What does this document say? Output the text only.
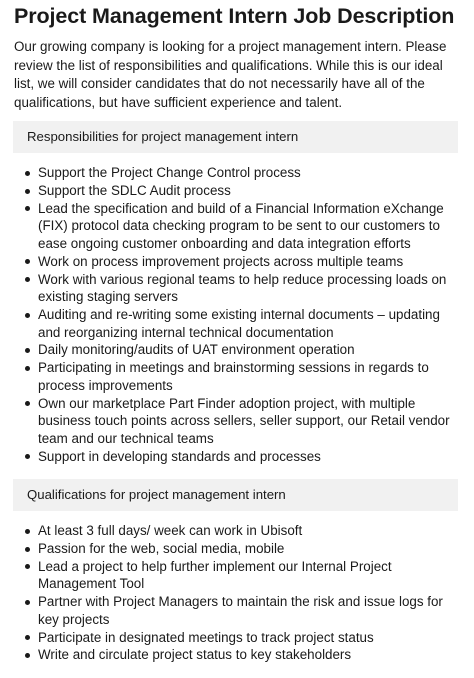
Project Management Intern Job Description

Our growing company is looking for a project management intern. Please review the list of responsibilities and qualifications. While this is our ideal list, we will consider candidates that do not necessarily have all of the qualifications, but have sufficient experience and talent.

Responsibilities for project management intern
Support the Project Change Control process
Support the SDLC Audit process
Lead the specification and build of a Financial Information eXchange (FIX) protocol data checking program to be sent to our customers to ease ongoing customer onboarding and data integration efforts
Work on process improvement projects across multiple teams
Work with various regional teams to help reduce processing loads on existing staging servers
Auditing and re-writing some existing internal documents – updating and reorganizing internal technical documentation
Daily monitoring/audits of UAT environment operation
Participating in meetings and brainstorming sessions in regards to process improvements
Own our marketplace Part Finder adoption project, with multiple business touch points across sellers, seller support, our Retail vendor team and our technical teams
Support in developing standards and processes
Qualifications for project management intern
At least 3 full days/ week can work in Ubisoft
Passion for the web, social media, mobile
Lead a project to help further implement our Internal Project Management Tool
Partner with Project Managers to maintain the risk and issue logs for key projects
Participate in designated meetings to track project status
Write and circulate project status to key stakeholders
